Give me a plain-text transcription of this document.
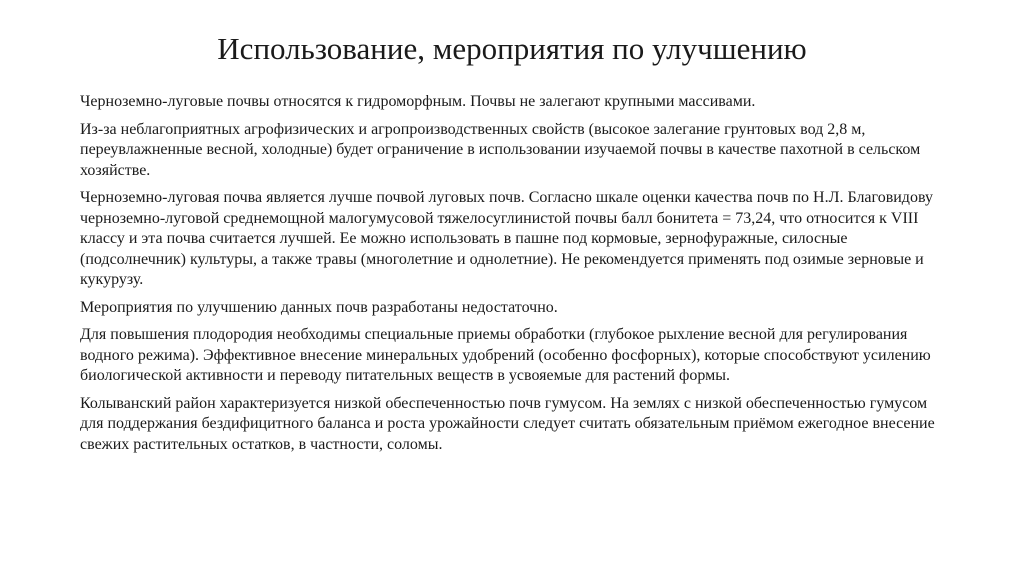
Использование, мероприятия по улучшению

Черноземно-луговые почвы относятся к гидроморфным. Почвы не залегают крупными массивами.

Из-за неблагоприятных агрофизических и агропроизводственных свойств (высокое залегание грунтовых вод 2,8 м, переувлажненные весной, холодные) будет ограничение в использовании изучаемой почвы в качестве пахотной в сельском хозяйстве.

Черноземно-луговая почва является лучше почвой луговых почв. Согласно шкале оценки качества почв по Н.Л. Благовидову черноземно-луговой среднемощной малогумусовой тяжелосуглинистой почвы балл бонитета = 73,24, что относится к VIII классу и эта почва считается лучшей. Ее можно использовать в пашне под кормовые, зернофуражные, силосные (подсолнечник) культуры, а также травы (многолетние и однолетние). Не рекомендуется применять под озимые зерновые и кукурузу.

Мероприятия по улучшению данных почв разработаны недостаточно.

Для повышения плодородия необходимы специальные приемы обработки (глубокое рыхление весной для регулирования водного режима). Эффективное внесение минеральных удобрений (особенно фосфорных), которые способствуют усилению биологической активности и переводу питательных веществ в усвояемые для растений формы.

Колыванский район характеризуется низкой обеспеченностью почв гумусом. На землях с низкой обеспеченностью гумусом для поддержания бездифицитного баланса и роста урожайности следует считать обязательным приёмом ежегодное внесение свежих растительных остатков, в частности, соломы.
